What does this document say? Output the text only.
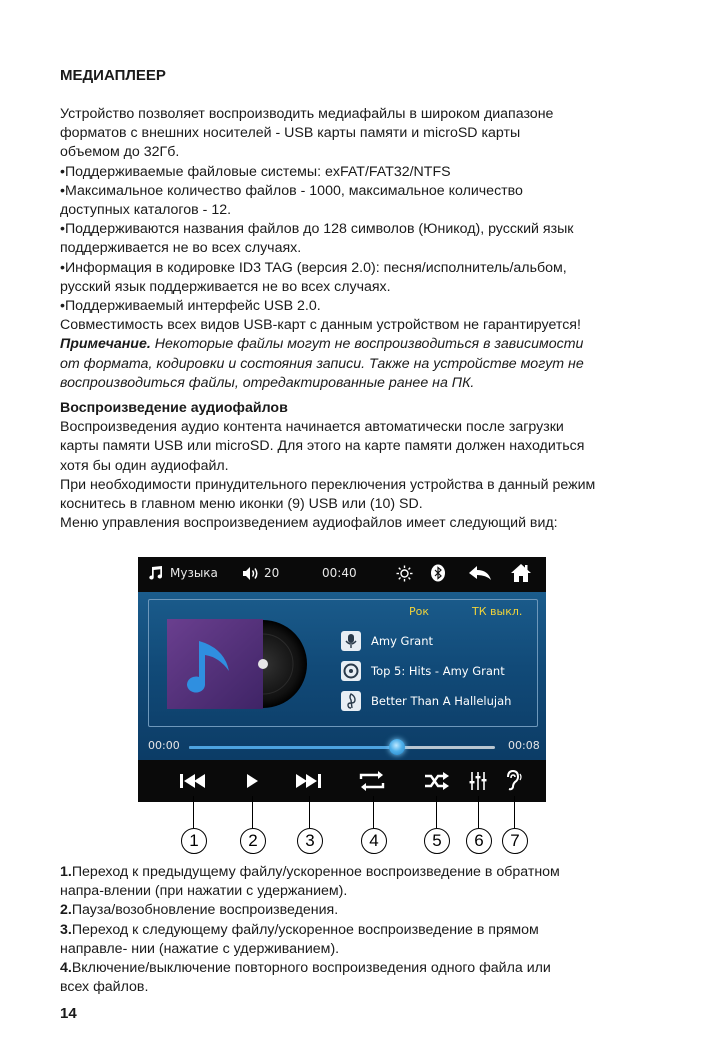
МЕДИАПЛЕЕР

Устройство позволяет воспроизводить медиафайлы в широком диапазоне

форматов с внешних носителей - USB карты памяти и microSD карты

объемом до 32Гб.

•Поддерживаемые файловые системы: exFAT/FAT32/NTFS

•Максимальное количество файлов - 1000, максимальное количество

доступных каталогов - 12.

•Поддерживаются названия файлов до 128 символов (Юникод), русский язык

поддерживается не во всех случаях.

•Информация в кодировке ID3 TAG (версия 2.0): песня/исполнитель/альбом,

русский язык поддерживается не во всех случаях.

•Поддерживаемый интерфейс USB 2.0.

Совместимость всех видов USB-карт с данным устройством не гарантируется!

Примечание. Некоторые файлы могут не воспроизводиться в зависимости

от формата, кодировки и состояния записи. Также на устройстве могут не

воспроизводиться файлы, отредактированные ранее на ПК.

Воспроизведение аудиофайлов

Воспроизведения аудио контента начинается автоматически после загрузки

карты памяти USB или microSD. Для этого на карте памяти должен находиться

хотя бы один аудиофайл.

При необходимости принудительного переключения устройства в данный режим

коснитесь в главном меню иконки (9) USB или (10) SD.

Меню управления воспроизведением аудиофайлов имеет следующий вид:

Музыка	20	00:40
Рок	ТК выкл.
Amy Grant
Top 5: Hits - Amy Grant
Better Than A Hallelujah
00:00	00:08
1	2	3	4	5	6	7

1.Переход к предыдущему файлу/ускоренное воспроизведение в обратном

напра-влении (при нажатии с удержанием).

2.Пауза/возобновление воспроизведения.

3.Переход к следующему файлу/ускоренное воспроизведение в прямом

направле- нии (нажатие с удерживанием).

4.Включение/выключение повторного воспроизведения одного файла или

всех файлов.

14
